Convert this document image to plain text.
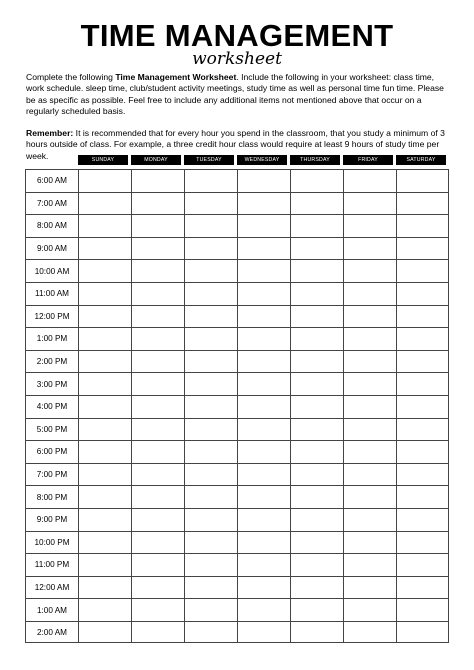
TIME MANAGEMENT
worksheet

Complete the following Time Management Worksheet. Include the following in your worksheet: class time, work schedule. sleep time, club/student activity meetings, study time as well as personal time fun time. Please be as specific as possible. Feel free to include any additional items not mentioned above that occur on a regularly scheduled basis.

Remember: It is recommended that for every hour you spend in the classroom, that you study a minimum of 3 hours outside of class. For example, a three credit hour class would require at least 9 hours of study time per week.	SUNDAY	MONDAY	TUESDAY	WEDNESDAY	THURSDAY	FRIDAY	SATURDAY
6:00 AM
7:00 AM
8:00 AM
9:00 AM
10:00 AM
11:00 AM
12:00 PM
1:00 PM
2:00 PM
3:00 PM
4:00 PM
5:00 PM
6:00 PM
7:00 PM
8:00 PM
9:00 PM
10:00 PM
11:00 PM
12:00 AM
1:00 AM
2:00 AM
